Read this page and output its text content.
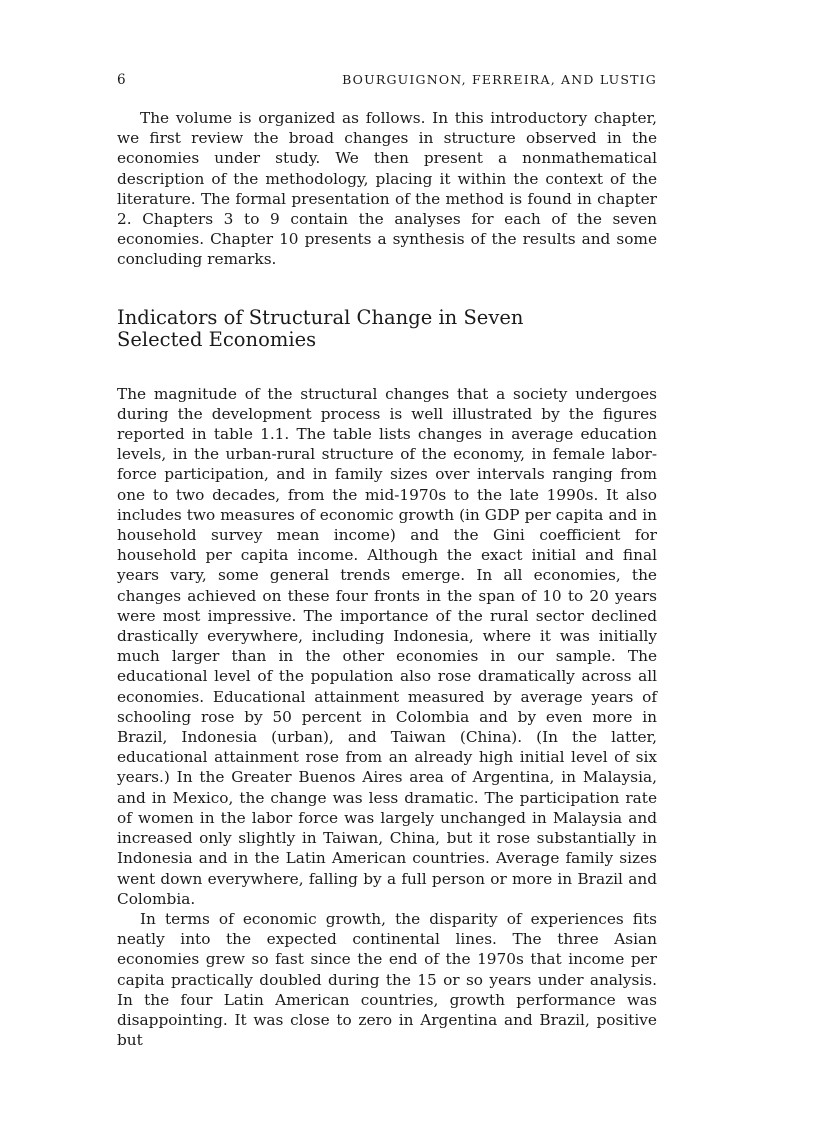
6	BOURGUIGNON, FERREIRA, AND LUSTIG

The volume is organized as follows. In this introductory chapter, we first review the broad changes in structure observed in the economies under study. We then present a nonmathematical description of the methodology, placing it within the context of the literature. The formal presentation of the method is found in chapter 2. Chapters 3 to 9 contain the analyses for each of the seven economies. Chapter 10 presents a synthesis of the results and some concluding remarks.

Indicators of Structural Change in Seven Selected Economies

The magnitude of the structural changes that a society undergoes during the development process is well illustrated by the figures reported in table 1.1. The table lists changes in average education levels, in the urban-rural structure of the economy, in female labor-force participation, and in family sizes over intervals ranging from one to two decades, from the mid-1970s to the late 1990s. It also includes two measures of economic growth (in GDP per capita and in household survey mean income) and the Gini coefficient for household per capita income. Although the exact initial and final years vary, some general trends emerge. In all economies, the changes achieved on these four fronts in the span of 10 to 20 years were most impressive. The importance of the rural sector declined drastically everywhere, including Indonesia, where it was initially much larger than in the other economies in our sample. The educational level of the population also rose dramatically across all economies. Educational attainment measured by average years of schooling rose by 50 percent in Colombia and by even more in Brazil, Indonesia (urban), and Taiwan (China). (In the latter, educational attainment rose from an already high initial level of six years.) In the Greater Buenos Aires area of Argentina, in Malaysia, and in Mexico, the change was less dramatic. The participation rate of women in the labor force was largely unchanged in Malaysia and increased only slightly in Taiwan, China, but it rose substantially in Indonesia and in the Latin American countries. Average family sizes went down everywhere, falling by a full person or more in Brazil and Colombia.

In terms of economic growth, the disparity of experiences fits neatly into the expected continental lines. The three Asian economies grew so fast since the end of the 1970s that income per capita practically doubled during the 15 or so years under analysis. In the four Latin American countries, growth performance was disappointing. It was close to zero in Argentina and Brazil, positive but
